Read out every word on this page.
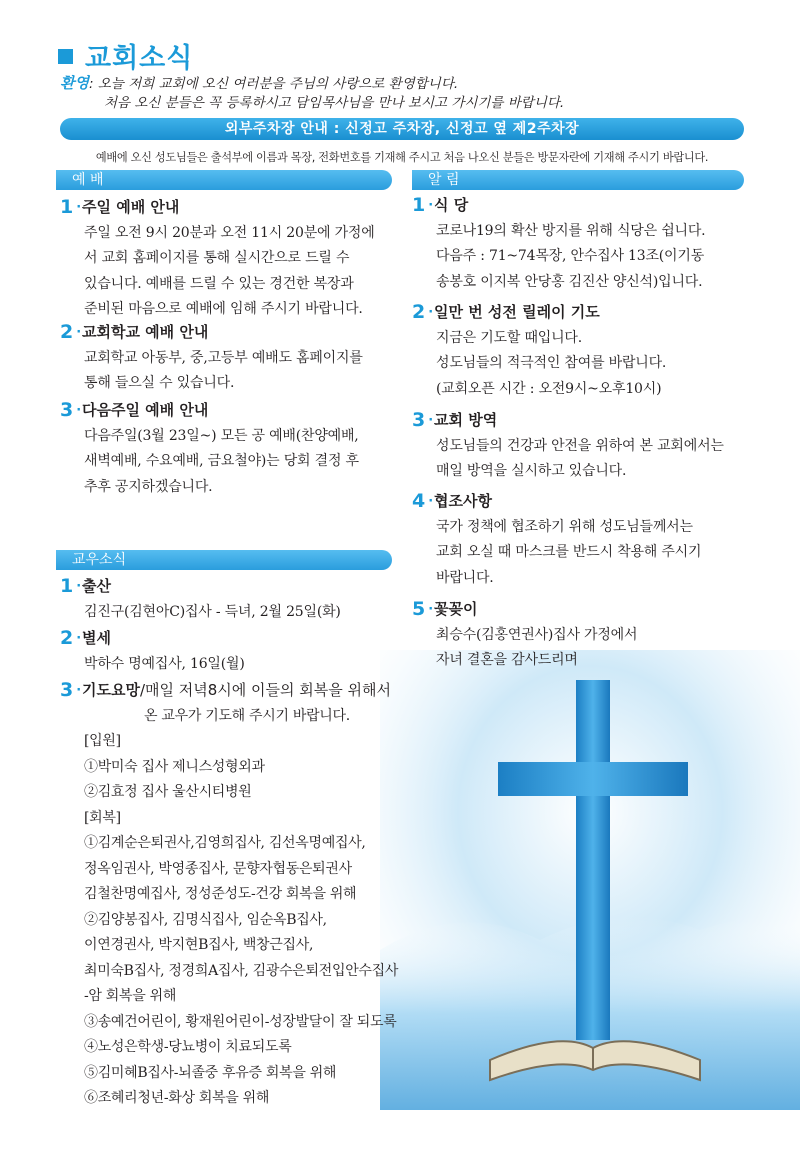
교회소식
환영: 오늘 저희 교회에 오신 여러분을 주님의 사랑으로 환영합니다.
처음 오신 분들은 꼭 등록하시고 담임목사님을 만나 보시고 가시기를 바랍니다.
외부주차장 안내 : 신정고 주차장, 신정고 옆 제2주차장
예배에 오신 성도님들은 출석부에 이름과 목장, 전화번호를 기재해 주시고 처음 나오신 분들은 방문자란에 기재해 주시기 바랍니다.
예 배
1 · 주일 예배 안내
주일 오전 9시 20분과 오전 11시 20분에 가정에
서 교회 홈페이지를 통해 실시간으로 드릴 수
있습니다. 예배를 드릴 수 있는 경건한 복장과
준비된 마음으로 예배에 임해 주시기 바랍니다.
2 · 교회학교 예배 안내
교회학교 아동부, 중,고등부 예배도 홈페이지를
통해 들으실 수 있습니다.
3 · 다음주일 예배 안내
다음주일(3월 23일~) 모든 공 예배(찬양예배,
새벽예배, 수요예배, 금요철야)는 당회 결정 후
추후 공지하겠습니다.
교우소식
1 · 출산
김진구(김현아C)집사 - 득녀, 2월 25일(화)
2 · 별세
박하수 명예집사, 16일(월)
3 · 기도요망/매일 저녁8시에 이들의 회복을 위해서
온 교우가 기도해 주시기 바랍니다.
[입원]
①박미숙 집사 제니스성형외과
②김효정 집사 울산시티병원
[회복]
①김계순은퇴권사,김영희집사, 김선옥명예집사,
정옥임권사, 박영종집사, 문향자협동은퇴권사
김철찬명예집사, 정성준성도-건강 회복을 위해
②김양봉집사, 김명식집사, 임순옥B집사,
이연경권사, 박지현B집사, 백창근집사,
최미숙B집사, 정경희A집사, 김광수은퇴전입안수집사
-암 회복을 위해
③송예건어린이, 황재원어린이-성장발달이 잘 되도록
④노성은학생-당뇨병이 치료되도록
⑤김미혜B집사-뇌졸중 후유증 회복을 위해
⑥조혜리청년-화상 회복을 위해
알 림
1 · 식 당
코로나19의 확산 방지를 위해 식당은 쉽니다.
다음주 : 71~74목장, 안수집사 13조(이기동
송봉호 이지복 안당홍 김진산 양신석)입니다.
2 · 일만 번 성전 릴레이 기도
지금은 기도할 때입니다.
성도님들의 적극적인 참여를 바랍니다.
(교회오픈 시간 : 오전9시~오후10시)
3 · 교회 방역
성도님들의 건강과 안전을 위하여 본 교회에서는
매일 방역을 실시하고 있습니다.
4 · 협조사항
국가 정책에 협조하기 위해 성도님들께서는
교회 오실 때 마스크를 반드시 착용해 주시기
바랍니다.
5 · 꽃꽂이
최승수(김홍연권사)집사 가정에서
자녀 결혼을 감사드리며
